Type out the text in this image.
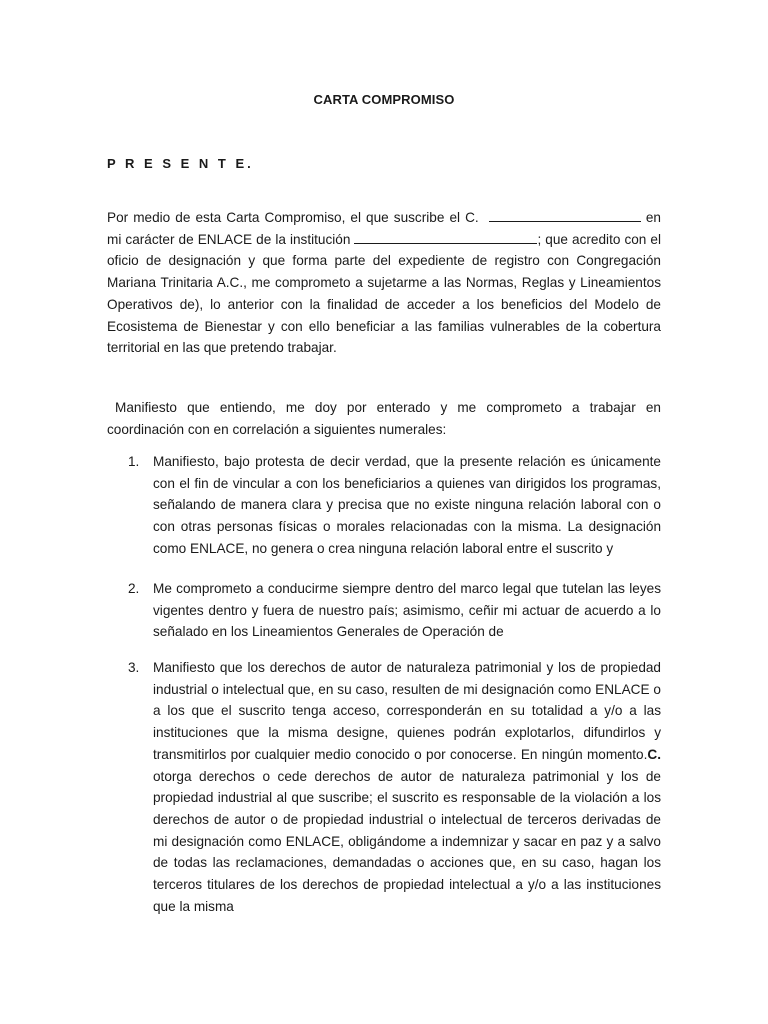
CARTA COMPROMISO
P R E S E N T E.

Por medio de esta Carta Compromiso, el que suscribe el C.	en mi carácter de ENLACE de la institución	; que acredito con el oficio de designación y que forma parte del expediente de registro con Congregación Mariana Trinitaria A.C., me comprometo a sujetarme a las Normas, Reglas y Lineamientos Operativos de), lo anterior con la finalidad de acceder a los beneficios del Modelo de Ecosistema de Bienestar y con ello beneficiar a las familias vulnerables de la cobertura territorial en las que pretendo trabajar.

Manifiesto que entiendo, me doy por enterado y me comprometo a trabajar en coordinación con en correlación a siguientes numerales:

1. Manifiesto, bajo protesta de decir verdad, que la presente relación es únicamente con el fin de vincular a con los beneficiarios a quienes van dirigidos los programas, señalando de manera clara y precisa que no existe ninguna relación laboral con o con otras personas físicas o morales relacionadas con la misma. La designación como ENLACE, no genera o crea ninguna relación laboral entre el suscrito y
2. Me comprometo a conducirme siempre dentro del marco legal que tutelan las leyes vigentes dentro y fuera de nuestro país; asimismo, ceñir mi actuar de acuerdo a lo señalado en los Lineamientos Generales de Operación de
3. Manifiesto que los derechos de autor de naturaleza patrimonial y los de propiedad industrial o intelectual que, en su caso, resulten de mi designación como ENLACE o a los que el suscrito tenga acceso, corresponderán en su totalidad a y/o a las instituciones que la misma designe, quienes podrán explotarlos, difundirlos y transmitirlos por cualquier medio conocido o por conocerse. En ningún momento.C. otorga derechos o cede derechos de autor de naturaleza patrimonial y los de propiedad industrial al que suscribe; el suscrito es responsable de la violación a los derechos de autor o de propiedad industrial o intelectual de terceros derivadas de mi designación como ENLACE, obligándome a indemnizar y sacar en paz y a salvo de todas las reclamaciones, demandadas o acciones que, en su caso, hagan los terceros titulares de los derechos de propiedad intelectual a y/o a las instituciones que la misma
